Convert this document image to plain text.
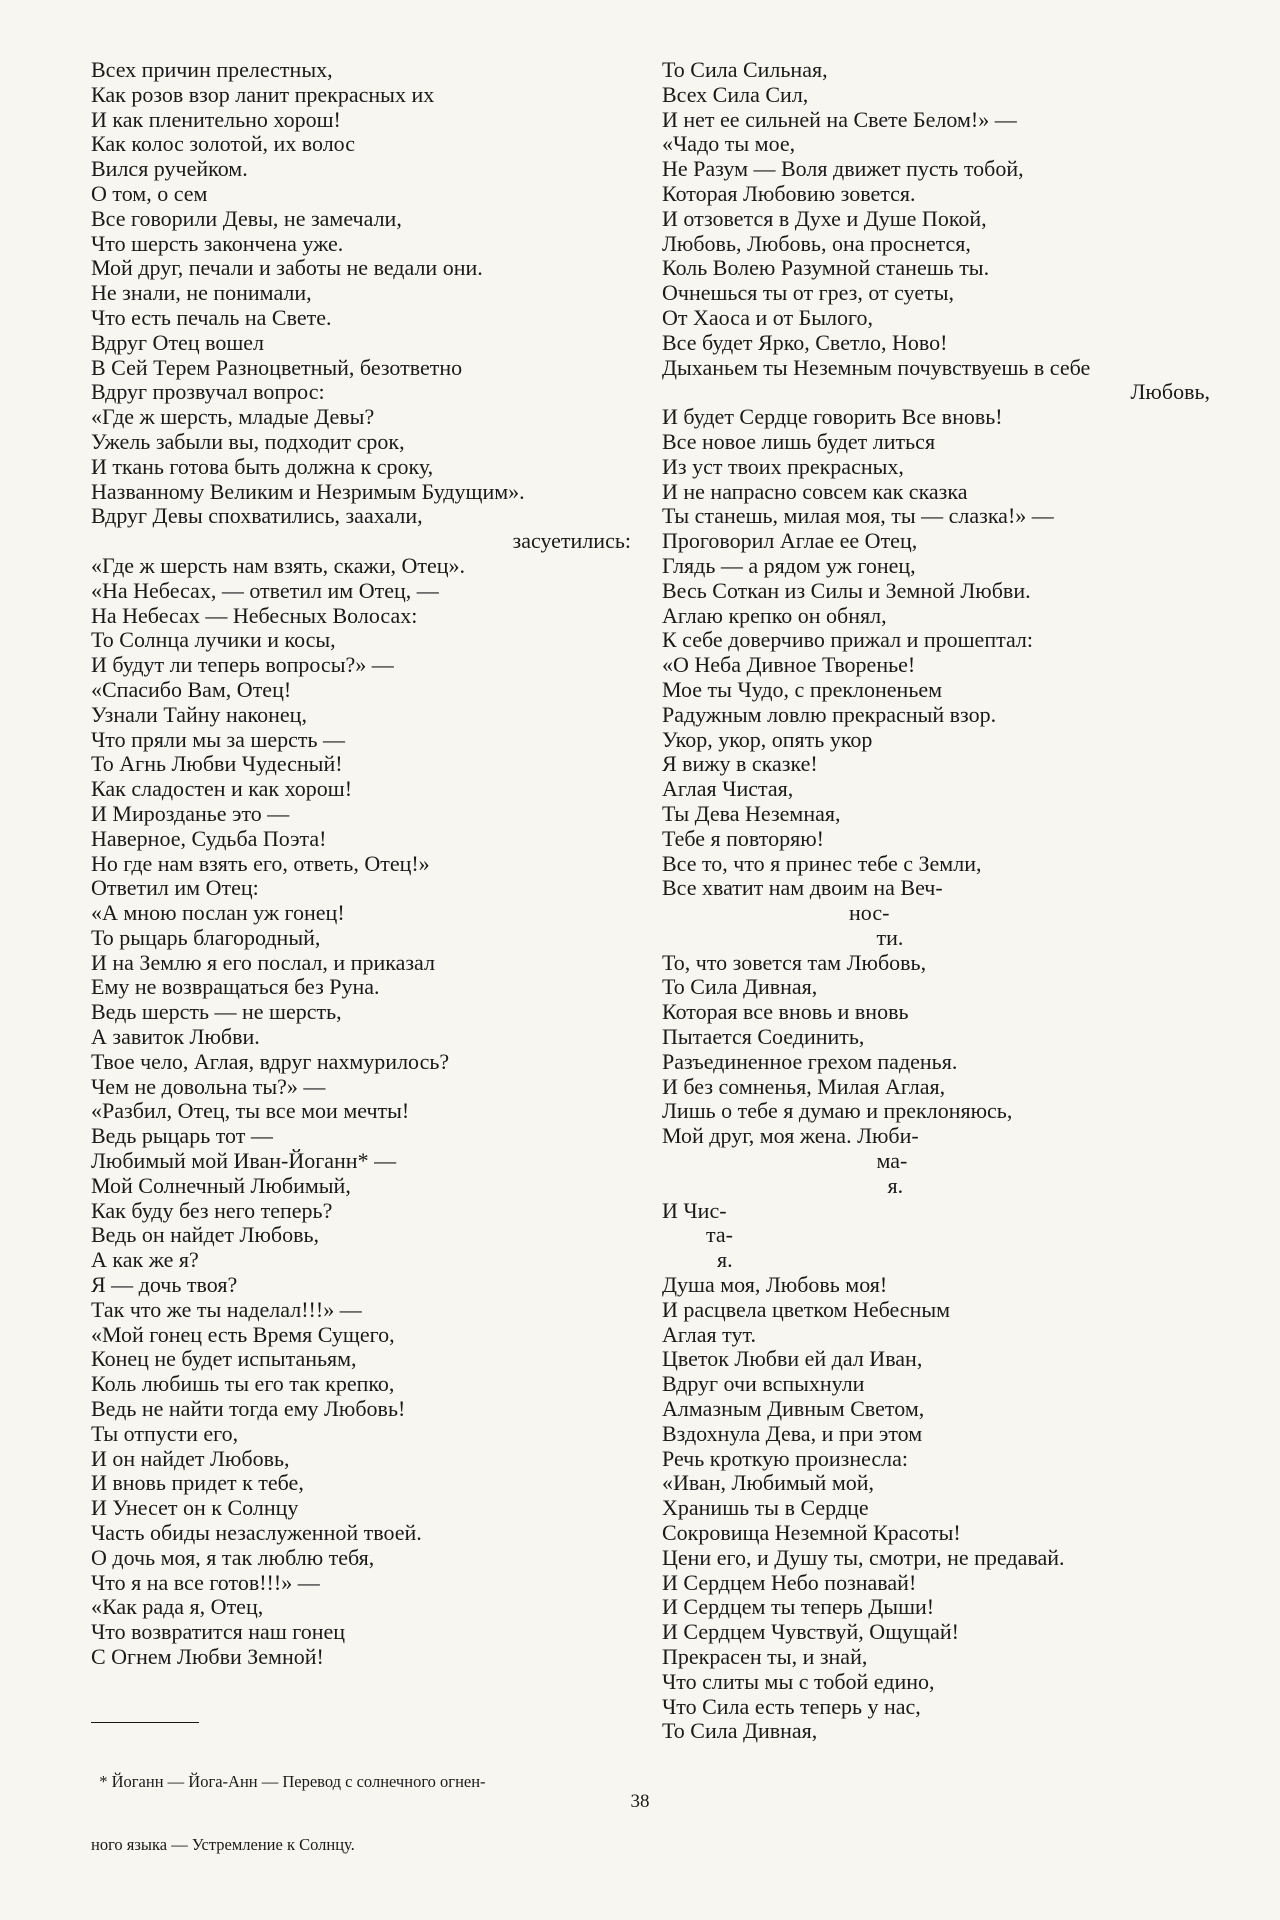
Всех причин прелестных,
Как розов взор ланит прекрасных их
И как пленительно хорош!
Как колос золотой, их волос
Вился ручейком.
О том, о сем
Все говорили Девы, не замечали,
Что шерсть закончена уже.
Мой друг, печали и заботы не ведали они.
Не знали, не понимали,
Что есть печаль на Свете.
Вдруг Отец вошел
В Сей Терем Разноцветный, безответно
Вдруг прозвучал вопрос:
«Где ж шерсть, младые Девы?
Ужель забыли вы, подходит срок,
И ткань готова быть должна к сроку,
Названному Великим и Незримым Будущим».
Вдруг Девы спохватились, заахали,
засуетились:
«Где ж шерсть нам взять, скажи, Отец».
«На Небесах, — ответил им Отец, —
На Небесах — Небесных Волосах:
То Солнца лучики и косы,
И будут ли теперь вопросы?» —
«Спасибо Вам, Отец!
Узнали Тайну наконец,
Что пряли мы за шерсть —
То Агнь Любви Чудесный!
Как сладостен и как хорош!
И Мирозданье это —
Наверное, Судьба Поэта!
Но где нам взять его, ответь, Отец!»
Ответил им Отец:
«А мною послан уж гонец!
То рыцарь благородный,
И на Землю я его послал, и приказал
Ему не возвращаться без Руна.
Ведь шерсть — не шерсть,
А завиток Любви.
Твое чело, Аглая, вдруг нахмурилось?
Чем не довольна ты?» —
«Разбил, Отец, ты все мои мечты!
Ведь рыцарь тот —
Любимый мой Иван-Йоганн* —
Мой Солнечный Любимый,
Как буду без него теперь?
Ведь он найдет Любовь,
А как же я?
Я — дочь твоя?
Так что же ты наделал!!!» —
«Мой гонец есть Время Сущего,
Конец не будет испытаньям,
Коль любишь ты его так крепко,
Ведь не найти тогда ему Любовь!
Ты отпусти его,
И он найдет Любовь,
И вновь придет к тебе,
И Унесет он к Солнцу
Часть обиды незаслуженной твоей.
О дочь моя, я так люблю тебя,
Что я на все готов!!!» —
«Как рада я, Отец,
Что возвратится наш гонец
С Огнем Любви Земной!
То Сила Сильная,
Всех Сила Сил,
И нет ее сильней на Свете Белом!» —
«Чадо ты мое,
Не Разум — Воля движет пусть тобой,
Которая Любовию зовется.
И отзовется в Духе и Душе Покой,
Любовь, Любовь, она проснется,
Коль Волею Разумной станешь ты.
Очнешься ты от грез, от суеты,
От Хаоса и от Былого,
Все будет Ярко, Светло, Ново!
Дыханьем ты Неземным почувствуешь в себе
Любовь,
И будет Сердце говорить Все вновь!
Все новое лишь будет литься
Из уст твоих прекрасных,
И не напрасно совсем как сказка
Ты станешь, милая моя, ты — слазка!» —
Проговорил Аглае ее Отец,
Глядь — а рядом уж гонец,
Весь Соткан из Силы и Земной Любви.
Аглаю крепко он обнял,
К себе доверчиво прижал и прошептал:
«О Неба Дивное Творенье!
Мое ты Чудо, с преклоненьем
Радужным ловлю прекрасный взор.
Укор, укор, опять укор
Я вижу в сказке!
Аглая Чистая,
Ты Дева Неземная,
Тебе я повторяю!
Все то, что я принес тебе с Земли,
Все хватит нам двоим на Веч-
нос-
ти.
То, что зовется там Любовь,
То Сила Дивная,
Которая все вновь и вновь
Пытается Соединить,
Разъединенное грехом паденья.
И без сомненья, Милая Аглая,
Лишь о тебе я думаю и преклоняюсь,
Мой друг, моя жена. Люби-
ма-
я.
И Чис-
та-
я.
Душа моя, Любовь моя!
И расцвела цветком Небесным
Аглая тут.
Цветок Любви ей дал Иван,
Вдруг очи вспыхнули
Алмазным Дивным Светом,
Вздохнула Дева, и при этом
Речь кроткую произнесла:
«Иван, Любимый мой,
Хранишь ты в Сердце
Сокровища Неземной Красоты!
Цени его, и Душу ты, смотри, не предавай.
И Сердцем Небо познавай!
И Сердцем ты теперь Дыши!
И Сердцем Чувствуй, Ощущай!
Прекрасен ты, и знай,
Что слиты мы с тобой едино,
Что Сила есть теперь у нас,
То Сила Дивная,

* Йоганн — Йога-Анн — Перевод с солнечного огнен-

ного языка — Устремление к Солнцу.

38
